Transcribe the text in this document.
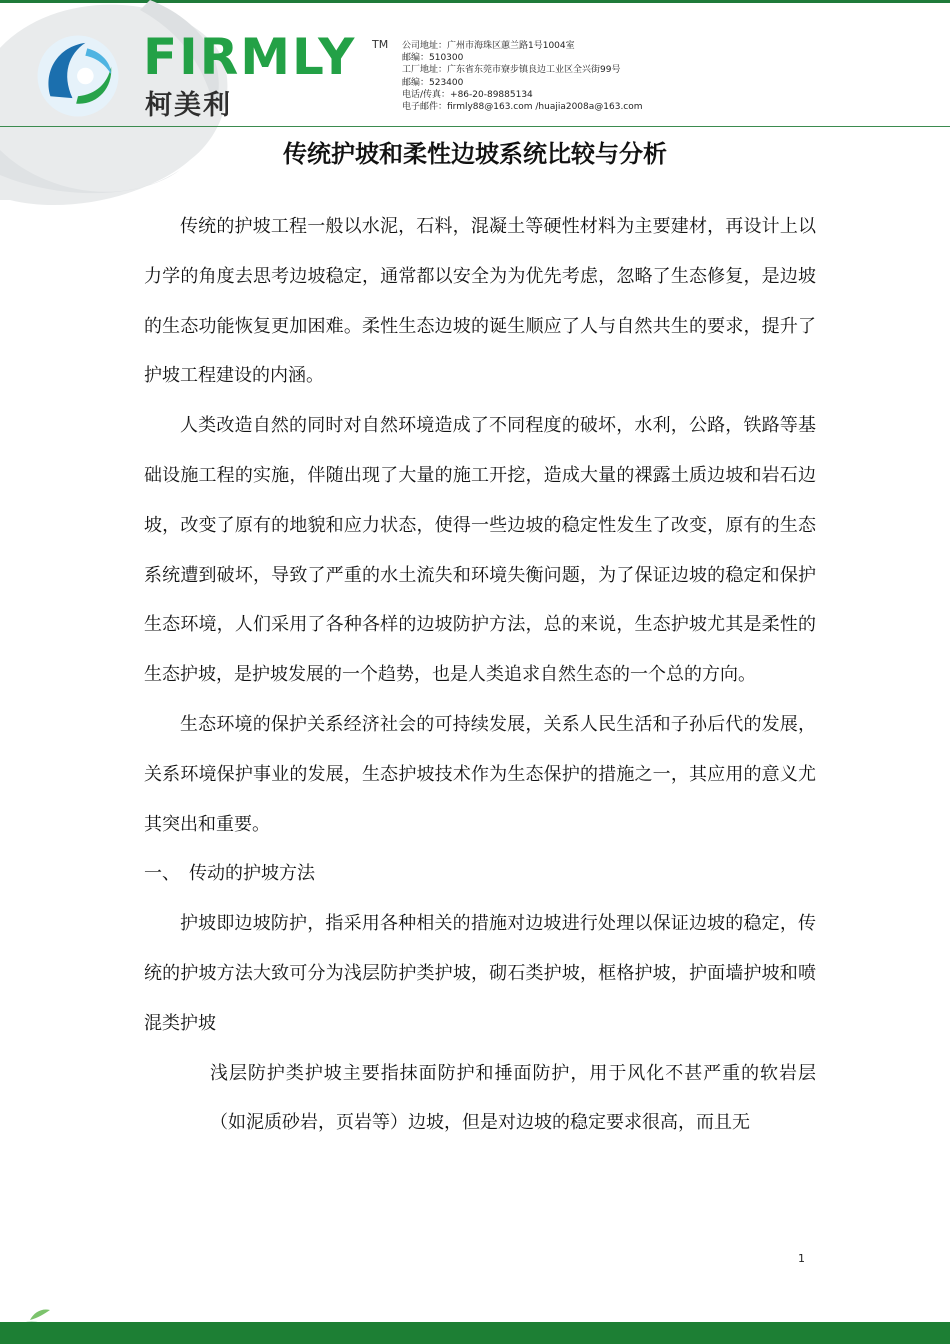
FIRMLY TM
柯美利
公司地址：广州市海珠区蕙兰路1号1004室
邮编：510300
工厂地址：广东省东莞市寮步镇良边工业区全兴街99号
邮编：523400
电话/传真：+86-20-89885134
电子邮件：firmly88@163.com /huajia2008a@163.com
传统护坡和柔性边坡系统比较与分析

传统的护坡工程一般以水泥，石料，混凝土等硬性材料为主要建材，再设计上以力学的角度去思考边坡稳定，通常都以安全为为优先考虑，忽略了生态修复，是边坡的生态功能恢复更加困难。柔性生态边坡的诞生顺应了人与自然共生的要求，提升了护坡工程建设的内涵。

人类改造自然的同时对自然环境造成了不同程度的破坏，水利，公路，铁路等基础设施工程的实施，伴随出现了大量的施工开挖，造成大量的裸露土质边坡和岩石边坡，改变了原有的地貌和应力状态，使得一些边坡的稳定性发生了改变，原有的生态系统遭到破坏，导致了严重的水土流失和环境失衡问题，为了保证边坡的稳定和保护生态环境，人们采用了各种各样的边坡防护方法，总的来说，生态护坡尤其是柔性的生态护坡，是护坡发展的一个趋势，也是人类追求自然生态的一个总的方向。

生态环境的保护关系经济社会的可持续发展，关系人民生活和子孙后代的发展，关系环境保护事业的发展，生态护坡技术作为生态保护的措施之一，其应用的意义尤其突出和重要。

一、　传动的护坡方法

护坡即边坡防护，指采用各种相关的措施对边坡进行处理以保证边坡的稳定，传统的护坡方法大致可分为浅层防护类护坡，砌石类护坡，框格护坡，护面墙护坡和喷混类护坡

浅层防护类护坡主要指抹面防护和捶面防护，用于风化不甚严重的软岩层（如泥质砂岩，页岩等）边坡，但是对边坡的稳定要求很高，而且无

1
